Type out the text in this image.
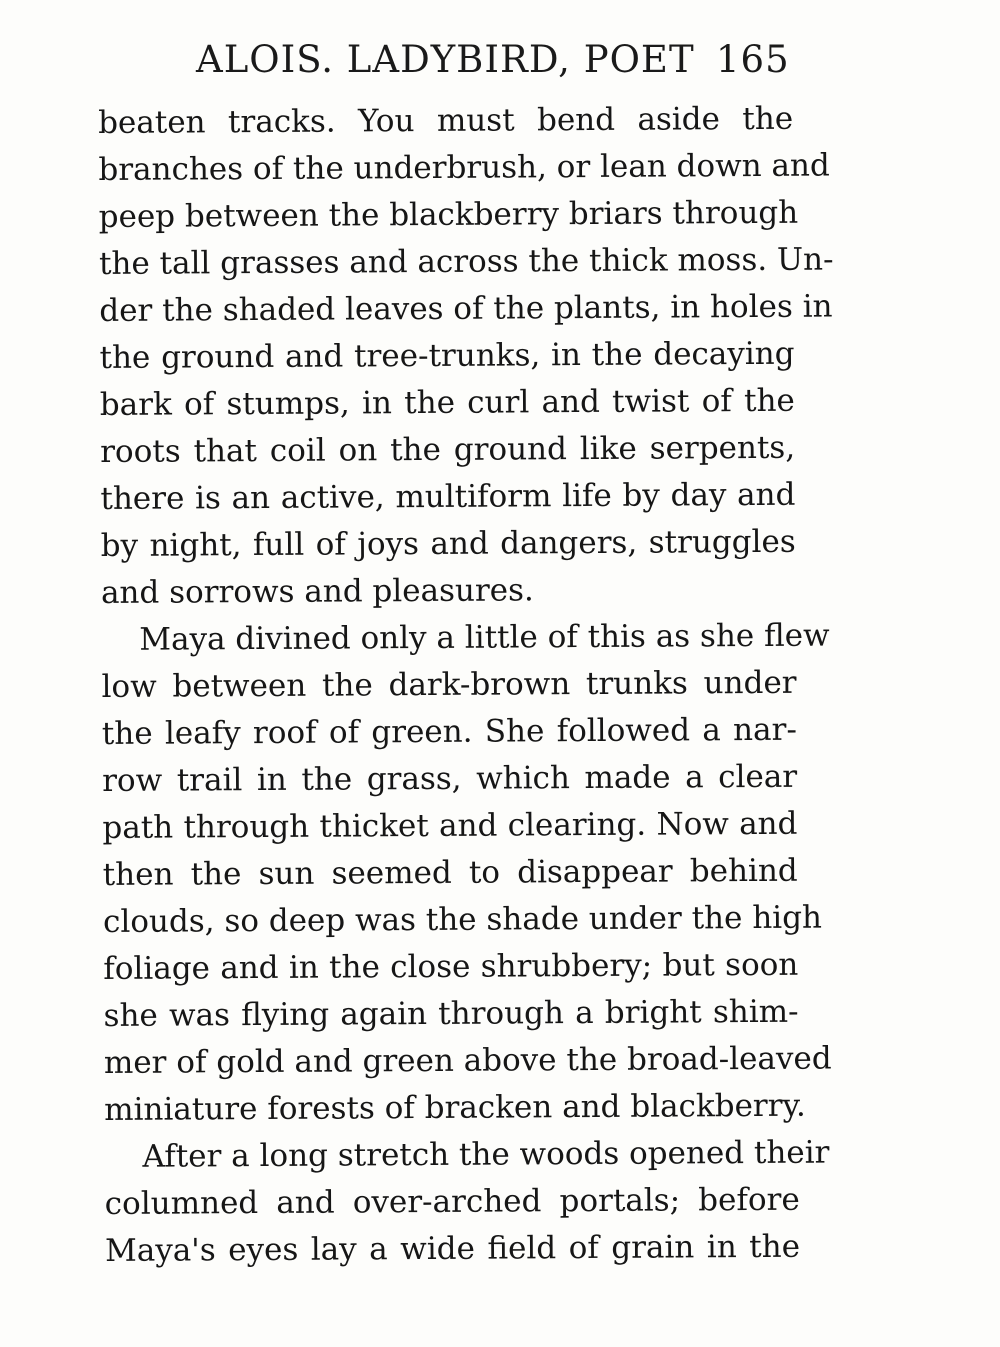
ALOIS. LADYBIRD, POET 165

beaten tracks. You must bend aside the
branches of the underbrush, or lean down and
peep between the blackberry briars through
the tall grasses and across the thick moss. Un-
der the shaded leaves of the plants, in holes in
the ground and tree-trunks, in the decaying
bark of stumps, in the curl and twist of the
roots that coil on the ground like serpents,
there is an active, multiform life by day and
by night, full of joys and dangers, struggles
and sorrows and pleasures.

Maya divined only a little of this as she flew
low between the dark-brown trunks under
the leafy roof of green. She followed a nar-
row trail in the grass, which made a clear
path through thicket and clearing. Now and
then the sun seemed to disappear behind
clouds, so deep was the shade under the high
foliage and in the close shrubbery; but soon
she was flying again through a bright shim-
mer of gold and green above the broad-leaved
miniature forests of bracken and blackberry.

After a long stretch the woods opened their
columned and over-arched portals; before
Maya's eyes lay a wide field of grain in the
